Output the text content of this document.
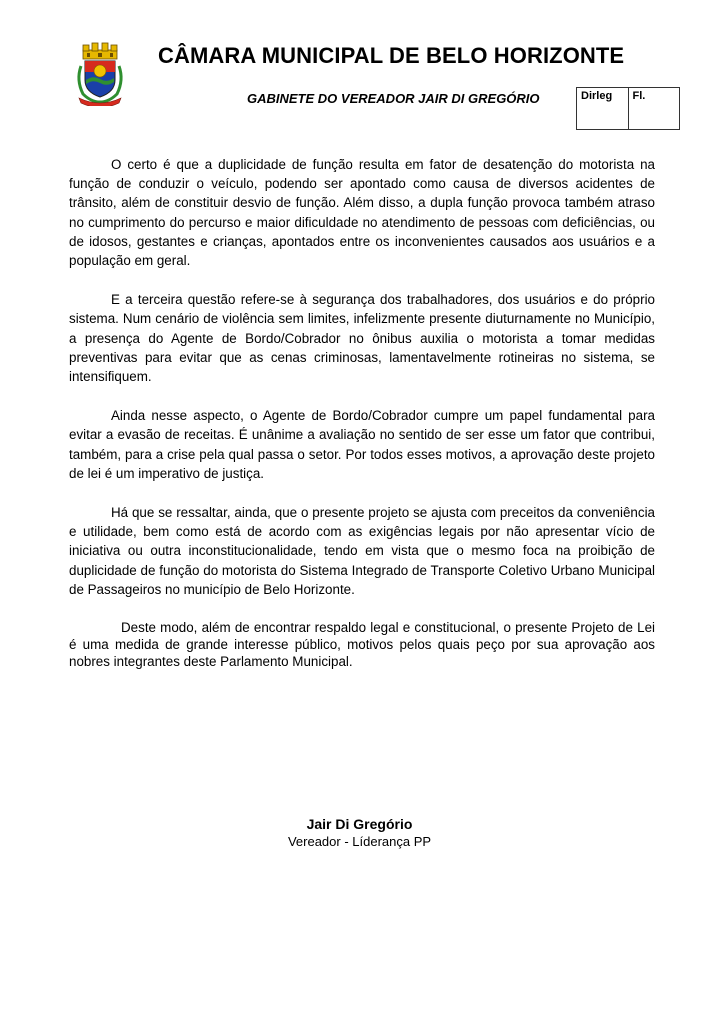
CÂMARA MUNICIPAL DE BELO HORIZONTE
GABINETE DO VEREADOR JAIR DI GREGÓRIO	Dirleg	Fl.

O certo é que a duplicidade de função resulta em fator de desatenção do motorista na função de conduzir o veículo, podendo ser apontado como causa de diversos acidentes de trânsito, além de constituir desvio de função. Além disso, a dupla função provoca também atraso no cumprimento do percurso e maior dificuldade no atendimento de pessoas com deficiências, ou de idosos, gestantes e crianças, apontados entre os inconvenientes causados aos usuários e a população em geral.

E a terceira questão refere-se à segurança dos trabalhadores, dos usuários e do próprio sistema. Num cenário de violência sem limites, infelizmente presente diuturnamente no Município, a presença do Agente de Bordo/Cobrador no ônibus auxilia o motorista a tomar medidas preventivas para evitar que as cenas criminosas, lamentavelmente rotineiras no sistema, se intensifiquem.

Ainda nesse aspecto, o Agente de Bordo/Cobrador cumpre um papel fundamental para evitar a evasão de receitas. É unânime a avaliação no sentido de ser esse um fator que contribui, também, para a crise pela qual passa o setor. Por todos esses motivos, a aprovação deste projeto de lei é um imperativo de justiça.

Há que se ressaltar, ainda, que o presente projeto se ajusta com preceitos da conveniência e utilidade, bem como está de acordo com as exigências legais por não apresentar vício de iniciativa ou outra inconstitucionalidade, tendo em vista que o mesmo foca na proibição de duplicidade de função do motorista do Sistema Integrado de Transporte Coletivo Urbano Municipal de Passageiros no município de Belo Horizonte.

Deste modo, além de encontrar respaldo legal e constitucional, o presente Projeto de Lei é uma medida de grande interesse público, motivos pelos quais peço por sua aprovação aos nobres integrantes deste Parlamento Municipal.

Jair Di Gregório
Vereador - Líderança PP
